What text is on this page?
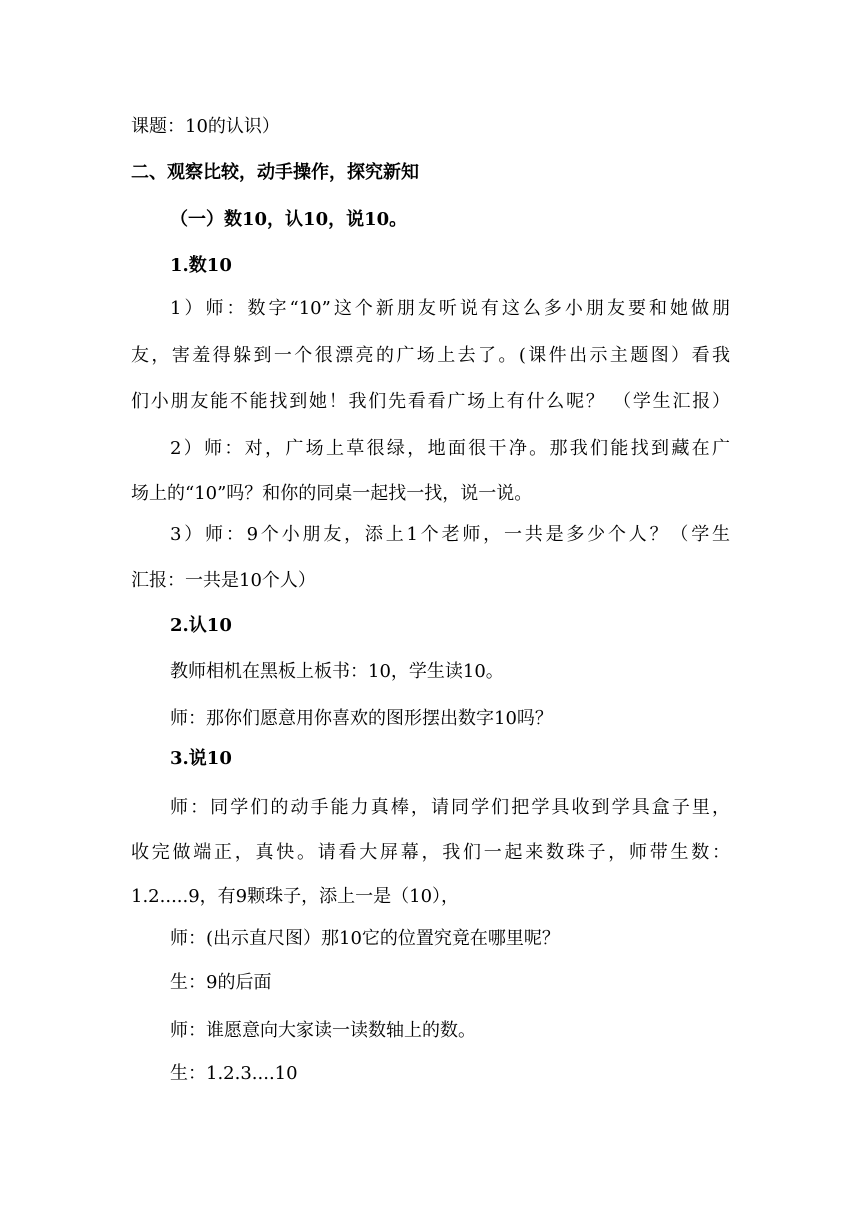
课题：10的认识）
二、观察比较，动手操作，探究新知
（一）数10，认10，说10。
1.数10
1）师：数字“10”这个新朋友听说有这么多小朋友要和她做朋
友，害羞得躲到一个很漂亮的广场上去了。(课件出示主题图）看我
们小朋友能不能找到她！我们先看看广场上有什么呢？ （学生汇报）
2）师：对，广场上草很绿，地面很干净。那我们能找到藏在广
场上的“10”吗？和你的同桌一起找一找，说一说。
3）师：9个小朋友，添上1个老师，一共是多少个人？（学生
汇报：一共是10个人）
2.认10
教师相机在黑板上板书：10，学生读10。
师：那你们愿意用你喜欢的图形摆出数字10吗？
3.说10
师：同学们的动手能力真棒，请同学们把学具收到学具盒子里，
收完做端正，真快。请看大屏幕，我们一起来数珠子，师带生数：
1.2.....9，有9颗珠子，添上一是（10），
师：(出示直尺图）那10它的位置究竟在哪里呢？
生：9的后面
师：谁愿意向大家读一读数轴上的数。
生：1.2.3....10
